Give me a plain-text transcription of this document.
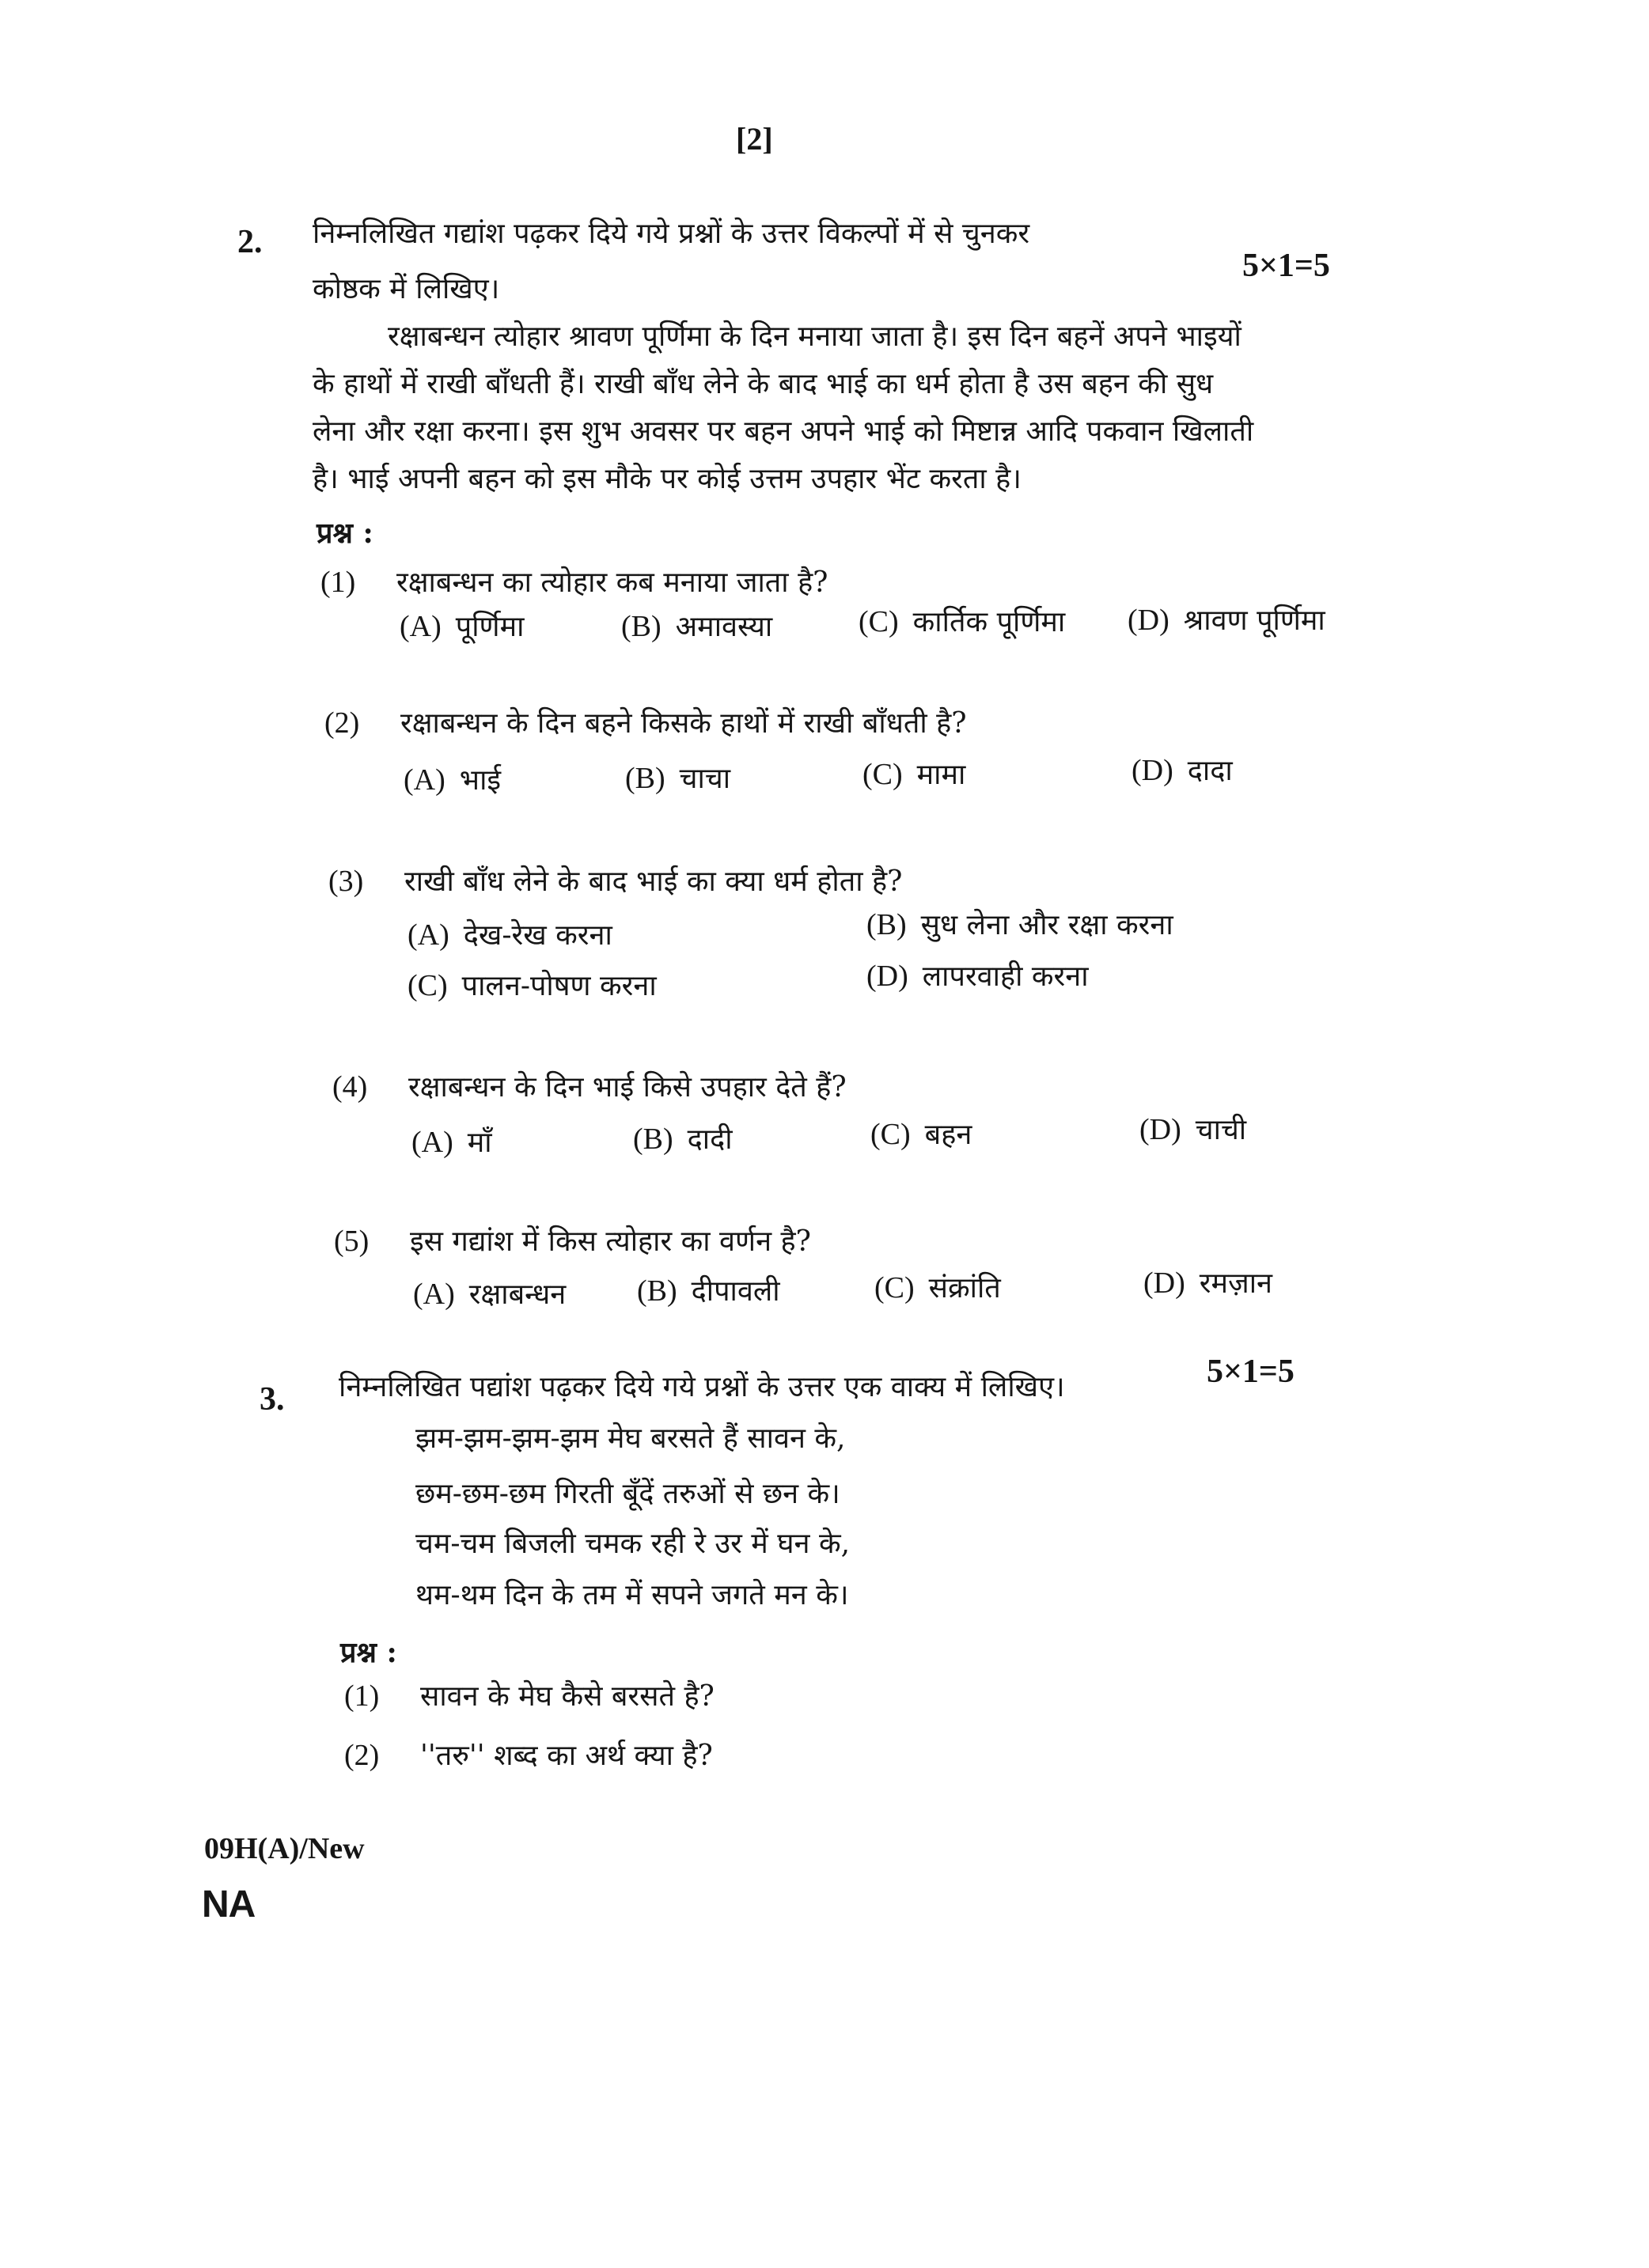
[2]
2. निम्नलिखित गद्यांश पढ़कर दिये गये प्रश्नों के उत्तर विकल्पों में से चुनकर
कोष्ठक में लिखिए।
5×1=5
रक्षाबन्धन त्योहार श्रावण पूर्णिमा के दिन मनाया जाता है। इस दिन बहनें अपने भाइयों
के हाथों में राखी बाँधती हैं। राखी बाँध लेने के बाद भाई का धर्म होता है उस बहन की सुध
लेना और रक्षा करना। इस शुभ अवसर पर बहन अपने भाई को मिष्टान्न आदि पकवान खिलाती
है। भाई अपनी बहन को इस मौके पर कोई उत्तम उपहार भेंट करता है।
प्रश्न :
(1) रक्षाबन्धन का त्योहार कब मनाया जाता है?
(A) पूर्णिमा	(B) अमावस्या	(C) कार्तिक पूर्णिमा (D) श्रावण पूर्णिमा
(2) रक्षाबन्धन के दिन बहने किसके हाथों में राखी बाँधती है?
(A) भाई	(B) चाचा	(C) मामा	(D) दादा
(3) राखी बाँध लेने के बाद भाई का क्या धर्म होता है?
(A) देख-रेख करना	(B) सुध लेना और रक्षा करना
(C) पालन-पोषण करना	(D) लापरवाही करना
(4) रक्षाबन्धन के दिन भाई किसे उपहार देते हैं?
(A) माँ	(B) दादी	(C) बहन	(D) चाची
(5) इस गद्यांश में किस त्योहार का वर्णन है?
(A) रक्षाबन्धन (B) दीपावली	(C) संक्रांति	(D) रमज़ान
3. निम्नलिखित पद्यांश पढ़कर दिये गये प्रश्नों के उत्तर एक वाक्य में लिखिए।	5×1=5
झम-झम-झम-झम मेघ बरसते हैं सावन के,
छम-छम-छम गिरती बूँदें तरुओं से छन के।
चम-चम बिजली चमक रही रे उर में घन के,
थम-थम दिन के तम में सपने जगते मन के।
प्रश्न :
(1) सावन के मेघ कैसे बरसते है?
(2) ''तरु'' शब्द का अर्थ क्या है?
09H(A)/New
NA
